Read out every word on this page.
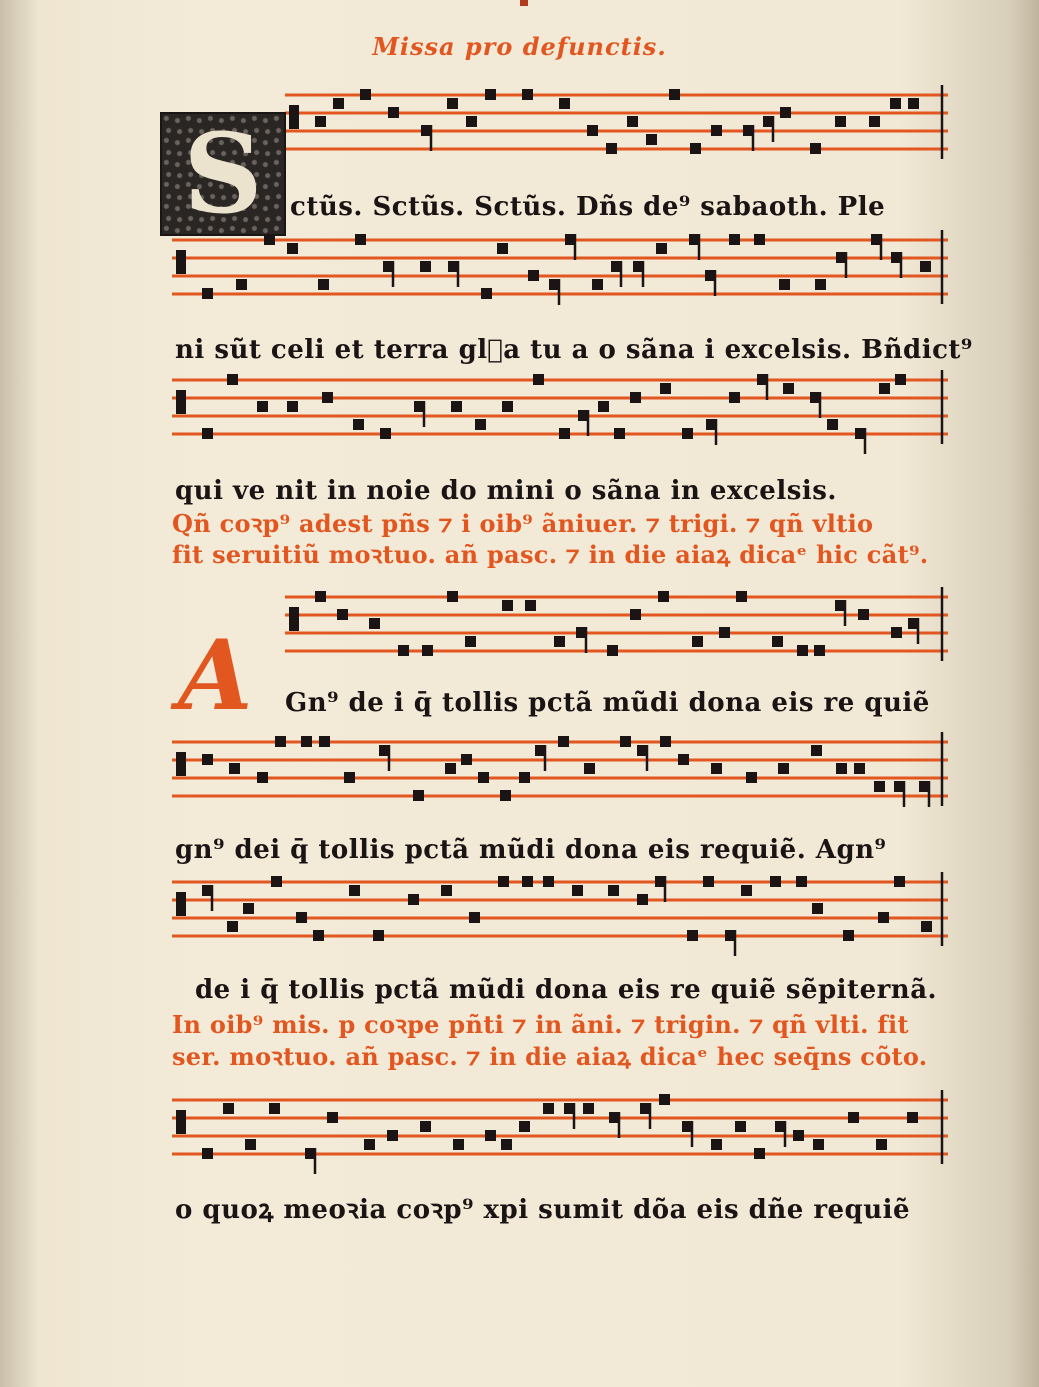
Missa pro defunctis.
S	ctũs. Sctũs. Sctũs. Dñs de⁹ sabaoth. Ple
ni sũt celi et terra gl᷑a tu a o sãna i excelsis. Bñdict⁹
qui ve nit in noie do mini o sãna in excelsis.
Qñ coꝛp⁹ adest pñs ⁊ i oib⁹ ãniuer. ⁊ trigi. ⁊ qñ vltio
fit seruitiũ moꝛtuo. añ pasc. ⁊ in die aiaꝝ dicaᵉ hic cãt⁹.
A	Gn⁹ de i q̄ tollis pctã mũdi dona eis re quiẽ
gn⁹ dei q̄ tollis pctã mũdi dona eis requiẽ. Agn⁹
de i q̄ tollis pctã mũdi dona eis re quiẽ sẽpiternã.
In oib⁹ mis. p coꝛpe pñti ⁊ in ãni. ⁊ trigin. ⁊ qñ vlti. fit
ser. moꝛtuo. añ pasc. ⁊ in die aiaꝝ dicaᵉ hec seq̄ns cõto.
o quoꝝ meoꝛia coꝛp⁹ xpi sumit dõa eis dñe requiẽ
